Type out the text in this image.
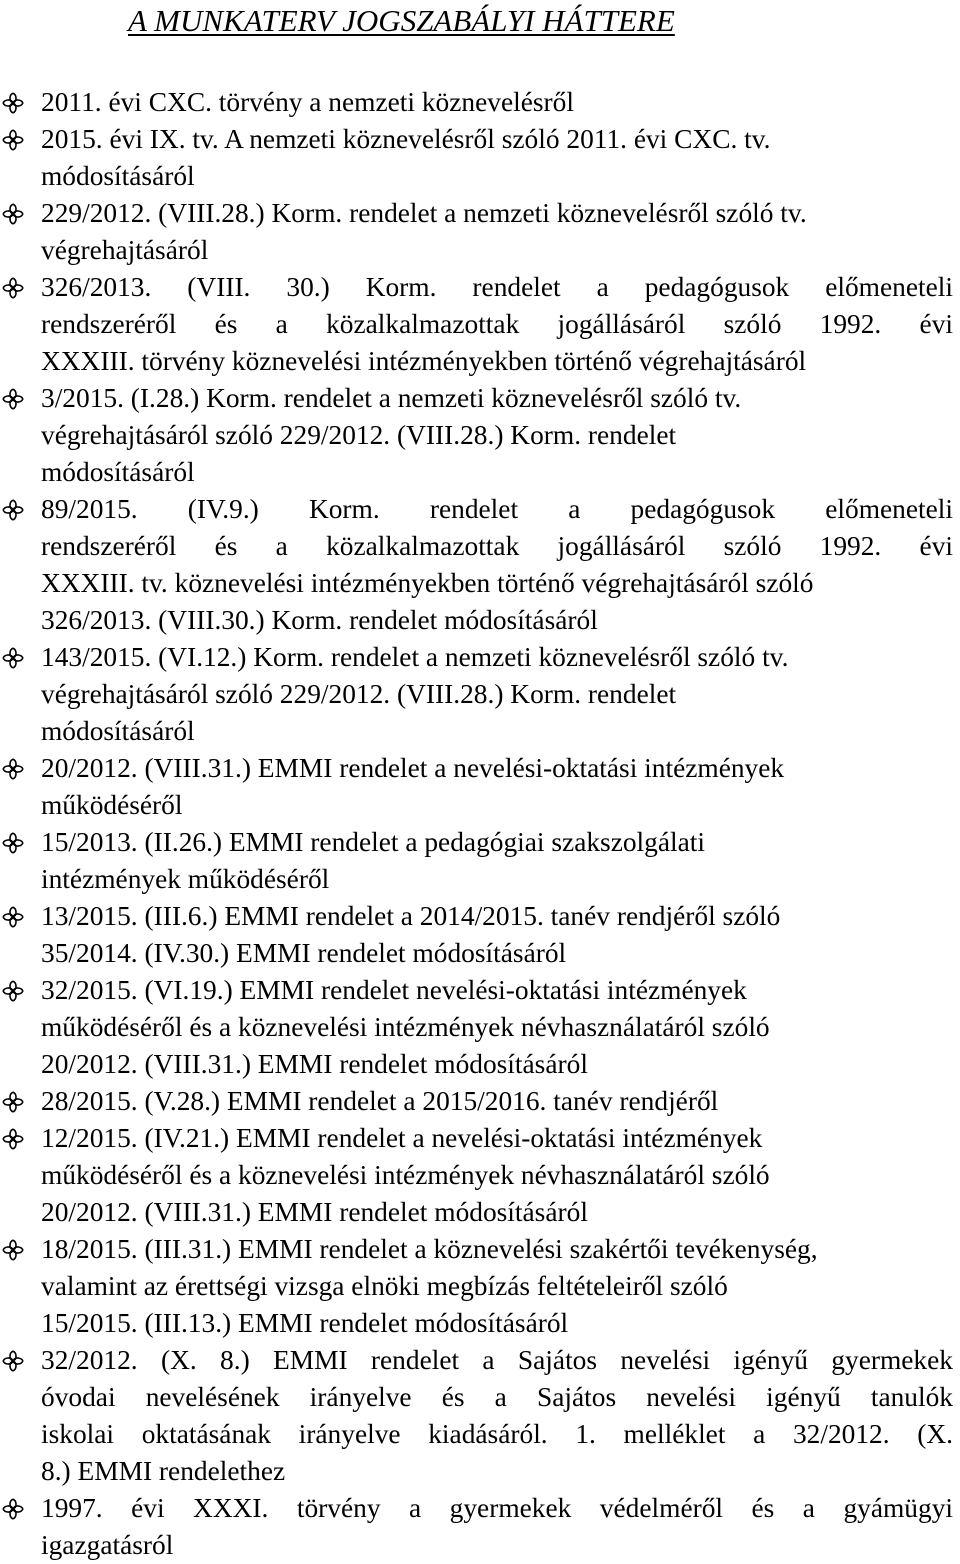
A MUNKATERV JOGSZABÁLYI HÁTTERE
2011. évi CXC. törvény a nemzeti köznevelésről
2015. évi IX. tv. A nemzeti köznevelésről szóló 2011. évi CXC. tv.
módosításáról
229/2012. (VIII.28.) Korm. rendelet a nemzeti köznevelésről szóló tv.
végrehajtásáról
326/2013. (VIII. 30.) Korm. rendelet a pedagógusok előmeneteli
rendszeréről és a közalkalmazottak jogállásáról szóló 1992. évi
XXXIII. törvény köznevelési intézményekben történő végrehajtásáról
3/2015. (I.28.) Korm. rendelet a nemzeti köznevelésről szóló tv.
végrehajtásáról szóló 229/2012. (VIII.28.) Korm. rendelet
módosításáról
89/2015. (IV.9.) Korm. rendelet a pedagógusok előmeneteli
rendszeréről és a közalkalmazottak jogállásáról szóló 1992. évi
XXXIII. tv. köznevelési intézményekben történő végrehajtásáról szóló
326/2013. (VIII.30.) Korm. rendelet módosításáról
143/2015. (VI.12.) Korm. rendelet a nemzeti köznevelésről szóló tv.
végrehajtásáról szóló 229/2012. (VIII.28.) Korm. rendelet
módosításáról
20/2012. (VIII.31.) EMMI rendelet a nevelési-oktatási intézmények
működéséről
15/2013. (II.26.) EMMI rendelet a pedagógiai szakszolgálati
intézmények működéséről
13/2015. (III.6.) EMMI rendelet a 2014/2015. tanév rendjéről szóló
35/2014. (IV.30.) EMMI rendelet módosításáról
32/2015. (VI.19.) EMMI rendelet nevelési-oktatási intézmények
működéséről és a köznevelési intézmények névhasználatáról szóló
20/2012. (VIII.31.) EMMI rendelet módosításáról
28/2015. (V.28.) EMMI rendelet a 2015/2016. tanév rendjéről
12/2015. (IV.21.) EMMI rendelet a nevelési-oktatási intézmények
működéséről és a köznevelési intézmények névhasználatáról szóló
20/2012. (VIII.31.) EMMI rendelet módosításáról
18/2015. (III.31.) EMMI rendelet a köznevelési szakértői tevékenység,
valamint az érettségi vizsga elnöki megbízás feltételeiről szóló
15/2015. (III.13.) EMMI rendelet módosításáról
32/2012. (X. 8.) EMMI rendelet a Sajátos nevelési igényű gyermekek
óvodai nevelésének irányelve és a Sajátos nevelési igényű tanulók
iskolai oktatásának irányelve kiadásáról. 1. melléklet a 32/2012. (X.
8.) EMMI rendelethez
1997. évi XXXI. törvény a gyermekek védelméről és a gyámügyi
igazgatásról
